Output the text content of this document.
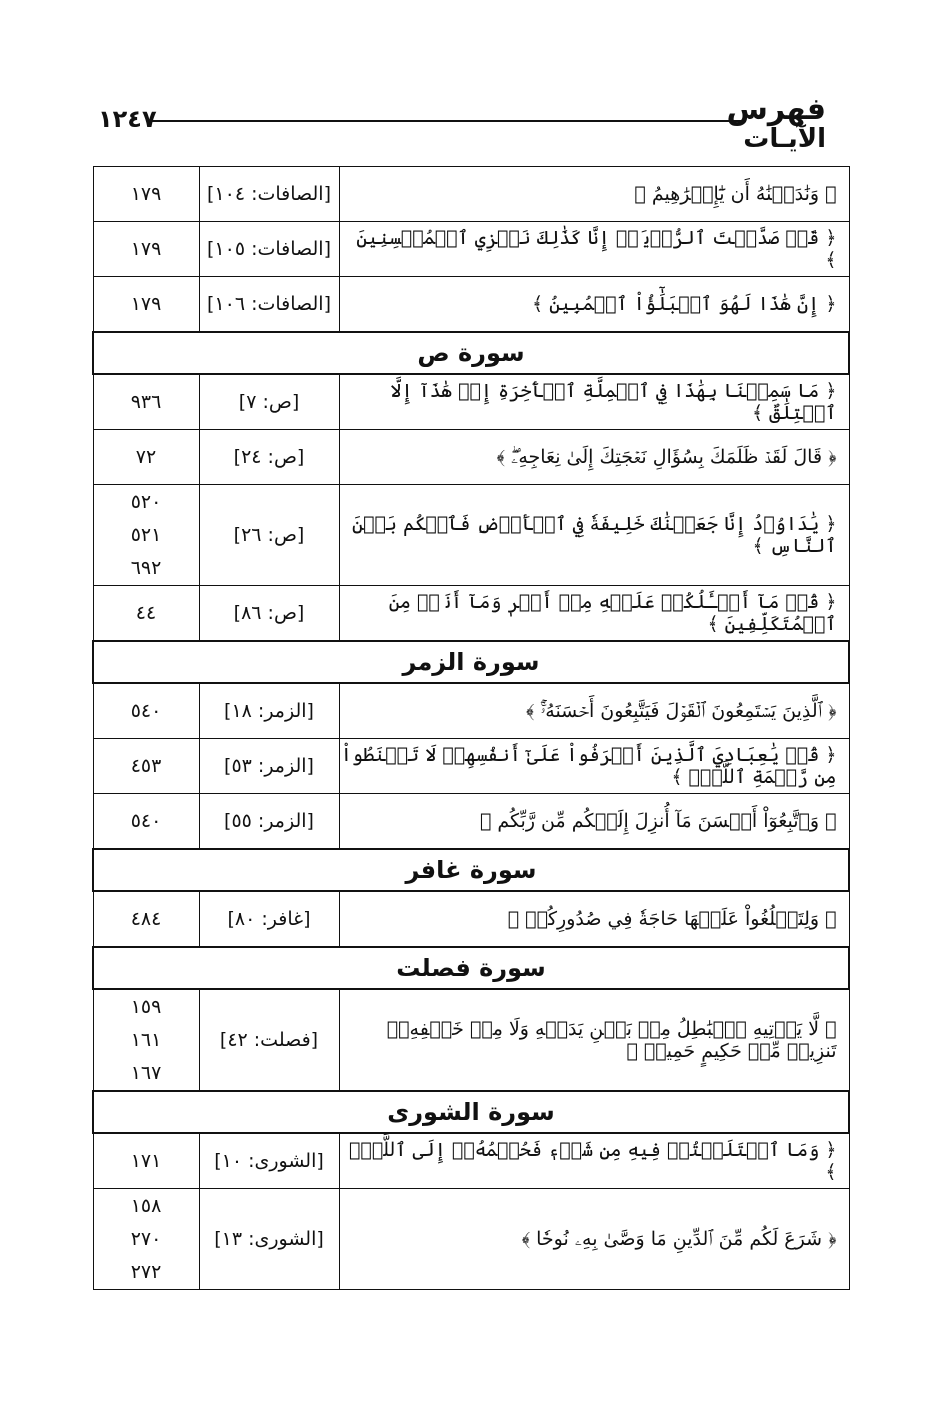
فهرس
الآيـات
١٢٤٧
﴿ وَنَٰدَيۡنَٰهُ أَن يَٰٓإِبۡرَٰهِيمُ ﴾	[الصافات: ١٠٤]	١٧٩

﴿ قَدۡ صَدَّقۡتَ ٱلرُّءۡيَآۚ إِنَّا كَذَٰلِكَ نَجۡزِي ٱلۡمُحۡسِنِينَ ﴾	[الصافات: ١٠٥]	١٧٩

﴿ إِنَّ هَٰذَا لَهُوَ ٱلۡبَلَٰٓؤُاْ ٱلۡمُبِينُ ﴾	[الصافات: ١٠٦]	١٧٩

سورة ص		
﴿ مَا سَمِعۡنَا بِهَٰذَا فِي ٱلۡمِلَّةِ ٱلۡأٓخِرَةِ إِنۡ هَٰذَآ إِلَّا ٱخۡتِلَٰقٌ ﴾	[ص: ٧]	٩٣٦

﴿ قَالَ لَقَدۡ ظَلَمَكَ بِسُؤَالِ نَعۡجَتِكَ إِلَىٰ نِعَاجِهِۦۖ ﴾	[ص: ٢٤]	٧٢

﴿ يَٰدَاوُۥدُ إِنَّا جَعَلۡنَٰكَ خَلِيفَةٗ فِي ٱلۡأَرۡضِ فَٱحۡكُم بَيۡنَ ٱلنَّاسِ ﴾	[ص: ٢٦]	٥٢٠
٥٢١
٦٩٢

﴿ قُلۡ مَآ أَسۡـَٔلُكُمۡ عَلَيۡهِ مِنۡ أَجۡرٖ وَمَآ أَنَا۠ مِنَ ٱلۡمُتَكَلِّفِينَ ﴾	[ص: ٨٦]	٤٤

سورة الزمر		
﴿ ٱلَّذِينَ يَسۡتَمِعُونَ ٱلۡقَوۡلَ فَيَتَّبِعُونَ أَحۡسَنَهُۥٓۚ ﴾	[الزمر: ١٨]	٥٤٠

﴿ قُلۡ يَٰعِبَادِيَ ٱلَّذِينَ أَسۡرَفُواْ عَلَىٰٓ أَنفُسِهِمۡ لَا تَقۡنَطُواْ مِن رَّحۡمَةِ ٱللَّهِۚ ﴾	[الزمر: ٥٣]	٤٥٣

﴿ وَٱتَّبِعُوٓاْ أَحۡسَنَ مَآ أُنزِلَ إِلَيۡكُم مِّن رَّبِّكُم ﴾	[الزمر: ٥٥]	٥٤٠

سورة غافر		
﴿ وَلِتَبۡلُغُواْ عَلَيۡهَا حَاجَةٗ فِي صُدُورِكُمۡ ﴾	[غافر: ٨٠]	٤٨٤

سورة فصلت		
﴿ لَّا يَأۡتِيهِ ٱلۡبَٰطِلُ مِنۢ بَيۡنِ يَدَيۡهِ وَلَا مِنۡ خَلۡفِهِۦۖ تَنزِيلٞ مِّنۡ حَكِيمٍ حَمِيدٖ ﴾	[فصلت: ٤٢]	١٥٩
١٦١
١٦٧

سورة الشورى		
﴿ وَمَا ٱخۡتَلَفۡتُمۡ فِيهِ مِن شَيۡءٖ فَحُكۡمُهُۥٓ إِلَى ٱللَّهِۚ ﴾	[الشورى: ١٠]	١٧١

﴿ شَرَعَ لَكُم مِّنَ ٱلدِّينِ مَا وَصَّىٰ بِهِۦ نُوحٗا ﴾	[الشورى: ١٣]	١٥٨
٢٧٠
٢٧٢
